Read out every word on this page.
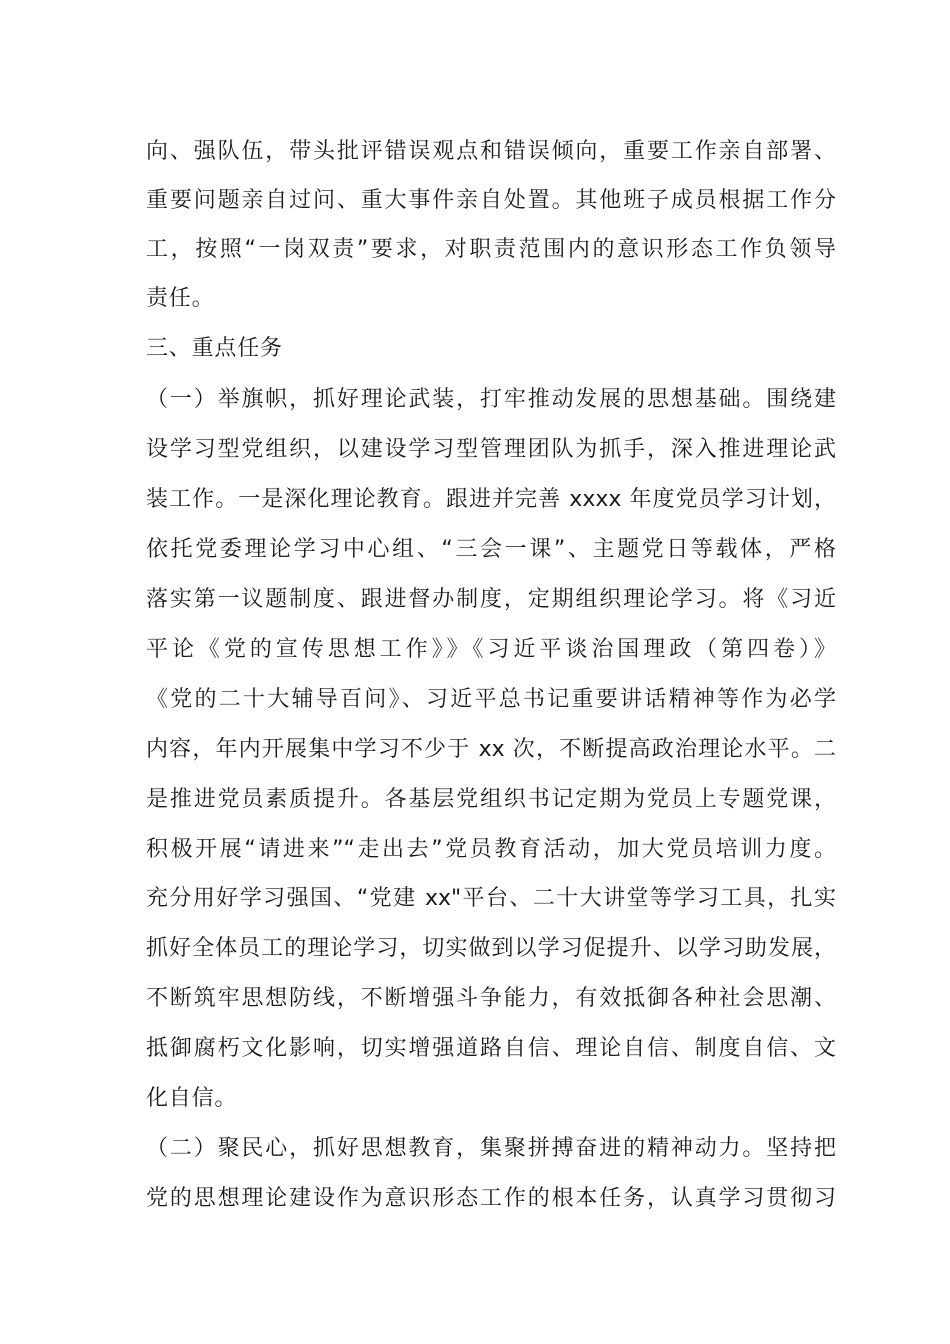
向、强队伍，带头批评错误观点和错误倾向，重要工作亲自部署、
重要问题亲自过问、重大事件亲自处置。其他班子成员根据工作分
工，按照“一岗双责”要求，对职责范围内的意识形态工作负领导
责任。
三、重点任务
（一）举旗帜，抓好理论武装，打牢推动发展的思想基础。围绕建
设学习型党组织，以建设学习型管理团队为抓手，深入推进理论武
装工作。一是深化理论教育。跟进并完善 xxxx 年度党员学习计划，
依托党委理论学习中心组、“三会一课”、主题党日等载体，严格
落实第一议题制度、跟进督办制度，定期组织理论学习。将《习近
平论《党的宣传思想工作》》《习近平谈治国理政（第四卷）》
《党的二十大辅导百问》、习近平总书记重要讲话精神等作为必学
内容，年内开展集中学习不少于 xx 次，不断提高政治理论水平。二
是推进党员素质提升。各基层党组织书记定期为党员上专题党课，
积极开展“请进来”“走出去”党员教育活动，加大党员培训力度。
充分用好学习强国、“党建 xx"平台、二十大讲堂等学习工具，扎实
抓好全体员工的理论学习，切实做到以学习促提升、以学习助发展，
不断筑牢思想防线，不断增强斗争能力，有效抵御各种社会思潮、
抵御腐朽文化影响，切实增强道路自信、理论自信、制度自信、文
化自信。
（二）聚民心，抓好思想教育，集聚拼搏奋进的精神动力。坚持把
党的思想理论建设作为意识形态工作的根本任务，认真学习贯彻习
